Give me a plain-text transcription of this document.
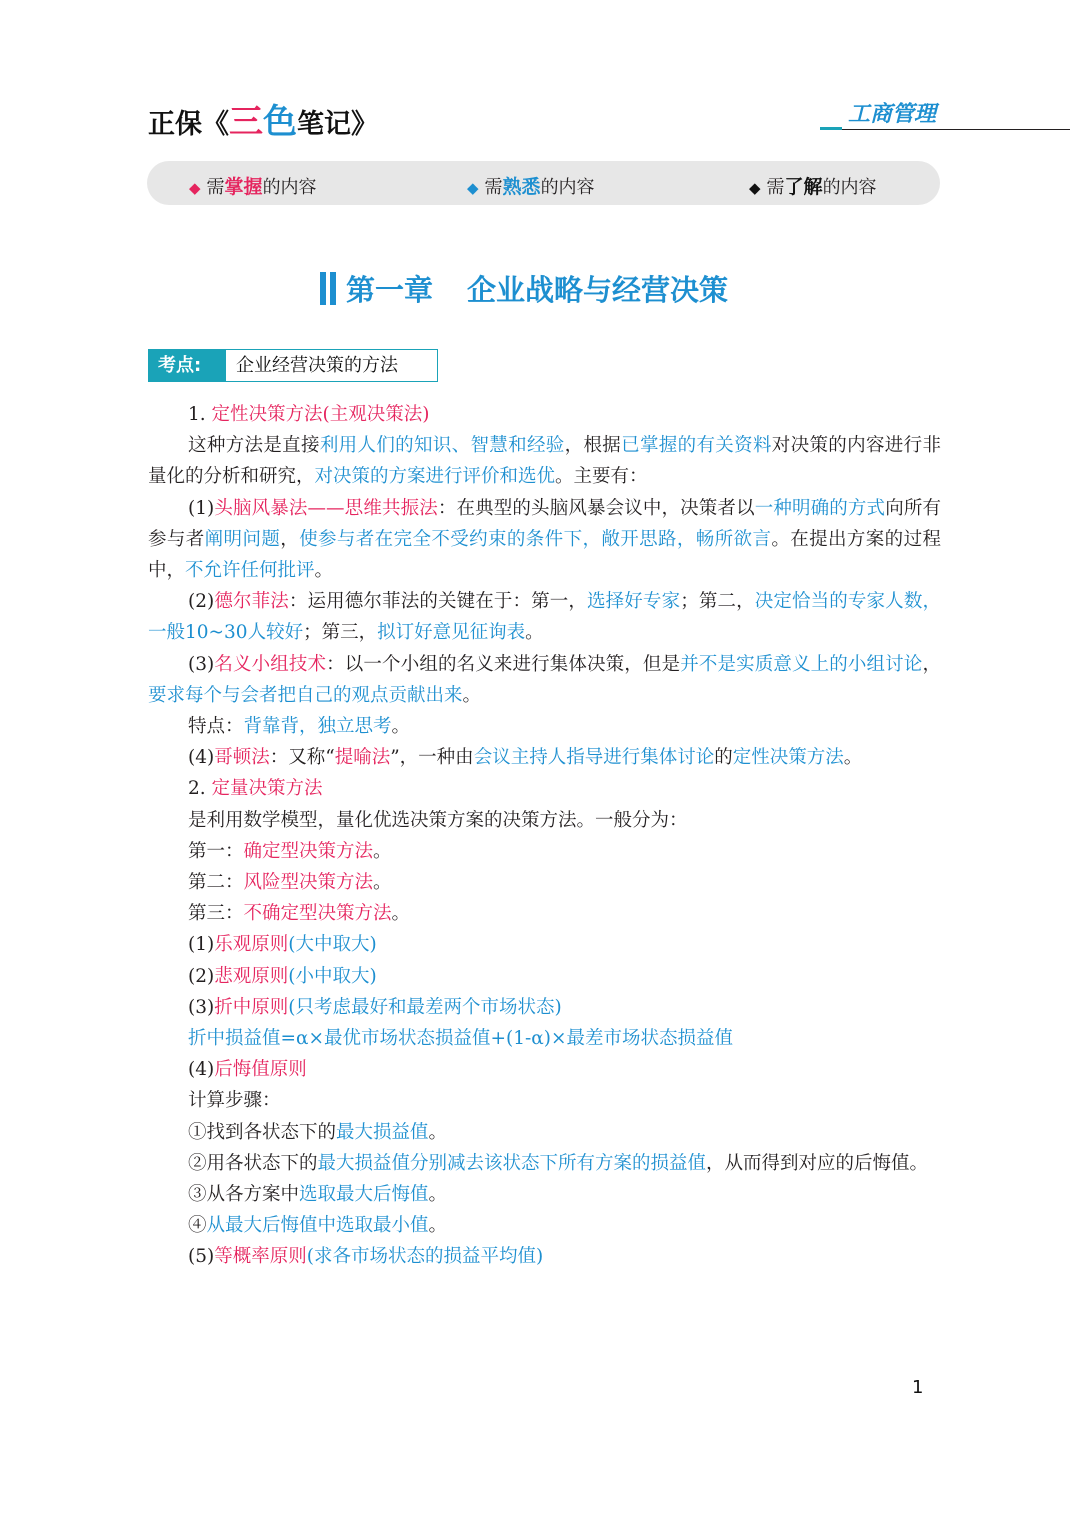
正保《三色笔记》	工商管理
◆ 需掌握的内容	◆ 需熟悉的内容	◆ 需了解的内容
第一章 企业战略与经营决策
考点:	企业经营决策的方法

1. 定性决策方法(主观决策法)

这种方法是直接利用人们的知识、智慧和经验，根据已掌握的有关资料对决策的内容进行非量化的分析和研究，对决策的方案进行评价和选优。主要有：

(1)头脑风暴法——思维共振法：在典型的头脑风暴会议中，决策者以一种明确的方式向所有参与者阐明问题，使参与者在完全不受约束的条件下，敞开思路，畅所欲言。在提出方案的过程中，不允许任何批评。

(2)德尔菲法：运用德尔菲法的关键在于：第一，选择好专家；第二，决定恰当的专家人数，一般10~30人较好；第三，拟订好意见征询表。

(3)名义小组技术：以一个小组的名义来进行集体决策，但是并不是实质意义上的小组讨论，要求每个与会者把自己的观点贡献出来。

特点：背靠背，独立思考。

(4)哥顿法：又称“提喻法”，一种由会议主持人指导进行集体讨论的定性决策方法。

2. 定量决策方法

是利用数学模型，量化优选决策方案的决策方法。一般分为：

第一：确定型决策方法。

第二：风险型决策方法。

第三：不确定型决策方法。

(1)乐观原则(大中取大)

(2)悲观原则(小中取大)

(3)折中原则(只考虑最好和最差两个市场状态)

折中损益值=α×最优市场状态损益值+(1-α)×最差市场状态损益值

(4)后悔值原则

计算步骤：

①找到各状态下的最大损益值。

②用各状态下的最大损益值分别减去该状态下所有方案的损益值，从而得到对应的后悔值。

③从各方案中选取最大后悔值。

④从最大后悔值中选取最小值。

(5)等概率原则(求各市场状态的损益平均值)

1
